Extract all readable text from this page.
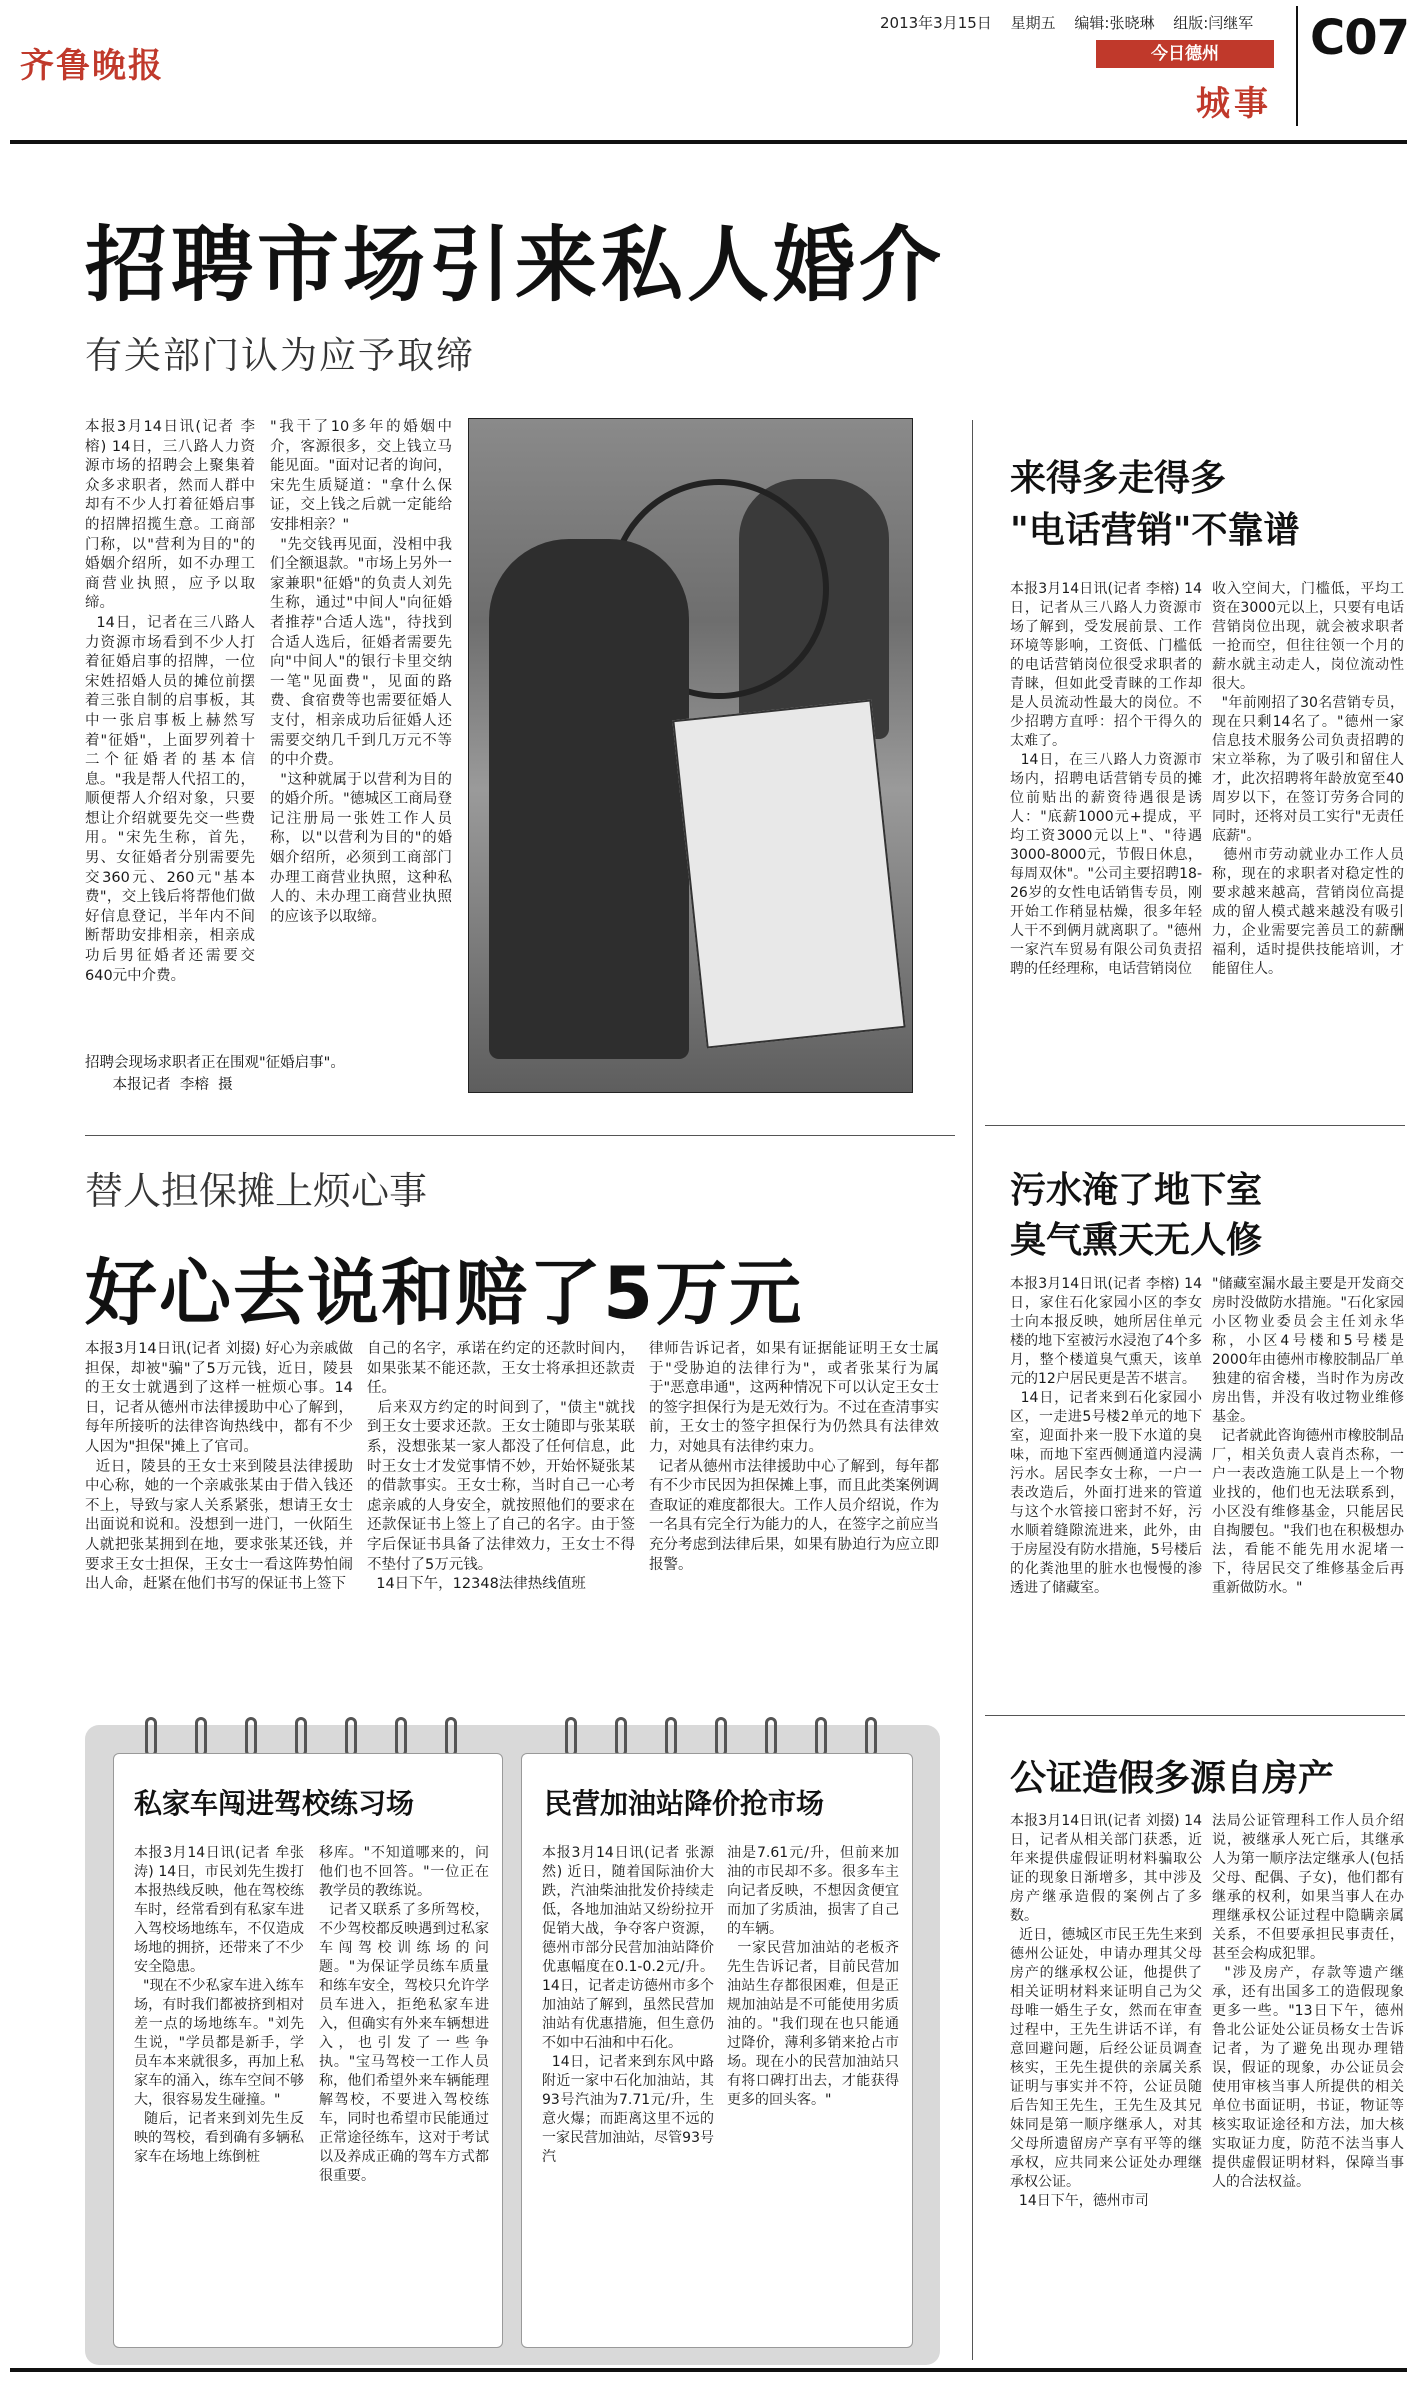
齐鲁晚报
2013年3月15日 星期五 编辑:张晓琳 组版:闫继军
今日德州
城事
C07
招聘市场引来私人婚介
有关部门认为应予取缔
本报3月14日讯(记者 李榕) 14日，三八路人力资源市场的招聘会上聚集着众多求职者，然而人群中却有不少人打着征婚启事的招牌招揽生意。工商部门称，以"营利为目的"的婚姻介绍所，如不办理工商营业执照，应予以取缔。
14日，记者在三八路人力资源市场看到不少人打着征婚启事的招牌，一位宋姓招婚人员的摊位前摆着三张自制的启事板，其中一张启事板上赫然写着"征婚"，上面罗列着十二个征婚者的基本信息。"我是帮人代招工的，顺便帮人介绍对象，只要想让介绍就要先交一些费用。"宋先生称，首先，男、女征婚者分别需要先交360元、260元"基本费"，交上钱后将帮他们做好信息登记，半年内不间断帮助安排相亲，相亲成功后男征婚者还需要交640元中介费。
"我干了10多年的婚姻中介，客源很多，交上钱立马能见面。"面对记者的询问，宋先生质疑道："拿什么保证，交上钱之后就一定能给安排相亲？"
"先交钱再见面，没相中我们全额退款。"市场上另外一家兼职"征婚"的负责人刘先生称，通过"中间人"向征婚者推荐"合适人选"，待找到合适人选后，征婚者需要先向"中间人"的银行卡里交纳一笔"见面费"，见面的路费、食宿费等也需要征婚人支付，相亲成功后征婚人还需要交纳几千到几万元不等的中介费。
"这种就属于以营利为目的的婚介所。"德城区工商局登记注册局一张姓工作人员称，以"以营利为目的"的婚姻介绍所，必须到工商部门办理工商营业执照，这种私人的、未办理工商营业执照的应该予以取缔。
招聘会现场求职者正在围观"征婚启事"。
本报记者  李榕  摄
来得多走得多
"电话营销"不靠谱
本报3月14日讯(记者 李榕) 14日，记者从三八路人力资源市场了解到，受发展前景、工作环境等影响，工资低、门槛低的电话营销岗位很受求职者的青睐，但如此受青睐的工作却是人员流动性最大的岗位。不少招聘方直呼：招个干得久的太难了。
14日，在三八路人力资源市场内，招聘电话营销专员的摊位前贴出的薪资待遇很是诱人："底薪1000元+提成，平均工资3000元以上"、"待遇3000-8000元，节假日休息，每周双休"。"公司主要招聘18-26岁的女性电话销售专员，刚开始工作稍显枯燥，很多年轻人干不到俩月就离职了。"德州一家汽车贸易有限公司负责招聘的任经理称，电话营销岗位
收入空间大，门槛低，平均工资在3000元以上，只要有电话营销岗位出现，就会被求职者一抢而空，但往往领一个月的薪水就主动走人，岗位流动性很大。
"年前刚招了30名营销专员，现在只剩14名了。"德州一家信息技术服务公司负责招聘的宋立举称，为了吸引和留住人才，此次招聘将年龄放宽至40周岁以下，在签订劳务合同的同时，还将对员工实行"无责任底薪"。
德州市劳动就业办工作人员称，现在的求职者对稳定性的要求越来越高，营销岗位高提成的留人模式越来越没有吸引力，企业需要完善员工的薪酬福利，适时提供技能培训，才能留住人。
污水淹了地下室
臭气熏天无人修
本报3月14日讯(记者 李榕) 14日，家住石化家园小区的李女士向本报反映，她所居住单元楼的地下室被污水浸泡了4个多月，整个楼道臭气熏天，该单元的12户居民更是苦不堪言。
14日，记者来到石化家园小区，一走进5号楼2单元的地下室，迎面扑来一股下水道的臭味，而地下室西侧通道内浸满污水。居民李女士称，一户一表改造后，外面打进来的管道与这个水管接口密封不好，污水顺着缝隙流进来，此外，由于房屋没有防水措施，5号楼后的化粪池里的脏水也慢慢的渗透进了储藏室。
"储藏室漏水最主要是开发商交房时没做防水措施。"石化家园小区物业委员会主任刘永华称，小区4号楼和5号楼是2000年由德州市橡胶制品厂单独建的宿舍楼，当时作为房改房出售，并没有收过物业维修基金。
记者就此咨询德州市橡胶制品厂，相关负责人袁肖杰称，一户一表改造施工队是上一个物业找的，他们也无法联系到，小区没有维修基金，只能居民自掏腰包。"我们也在积极想办法，看能不能先用水泥堵一下，待居民交了维修基金后再重新做防水。"
公证造假多源自房产
本报3月14日讯(记者 刘掇) 14日，记者从相关部门获悉，近年来提供虚假证明材料骗取公证的现象日渐增多，其中涉及房产继承造假的案例占了多数。
近日，德城区市民王先生来到德州公证处，申请办理其父母房产的继承权公证，他提供了相关证明材料来证明自己为父母唯一婚生子女，然而在审查过程中，王先生讲话不详，有意回避问题，后经公证员调查核实，王先生提供的亲属关系证明与事实并不符，公证员随后告知王先生，王先生及其兄妹同是第一顺序继承人，对其父母所遗留房产享有平等的继承权，应共同来公证处办理继承权公证。
14日下午，德州市司
法局公证管理科工作人员介绍说，被继承人死亡后，其继承人为第一顺序法定继承人(包括父母、配偶、子女)，他们都有继承的权利，如果当事人在办理继承权公证过程中隐瞒亲属关系，不但要承担民事责任，甚至会构成犯罪。
"涉及房产，存款等遗产继承，还有出国多工的造假现象更多一些。"13日下午，德州鲁北公证处公证员杨女士告诉记者，为了避免出现办理错误，假证的现象，办公证员会使用审核当事人所提供的相关单位书面证明，书证，物证等核实取证途径和方法，加大核实取证力度，防范不法当事人提供虚假证明材料，保障当事人的合法权益。
替人担保摊上烦心事
好心去说和赔了5万元
本报3月14日讯(记者 刘掇) 好心为亲戚做担保，却被"骗"了5万元钱，近日，陵县的王女士就遇到了这样一桩烦心事。14日，记者从德州市法律援助中心了解到，每年所接听的法律咨询热线中，都有不少人因为"担保"摊上了官司。
近日，陵县的王女士来到陵县法律援助中心称，她的一个亲戚张某由于借入钱还不上，导致与家人关系紧张，想请王女士出面说和说和。没想到一进门，一伙陌生人就把张某拥到在地，要求张某还钱，并要求王女士担保，王女士一看这阵势怕闹出人命，赶紧在他们书写的保证书上签下
自己的名字，承诺在约定的还款时间内，如果张某不能还款，王女士将承担还款责任。
后来双方约定的时间到了，"债主"就找到王女士要求还款。王女士随即与张某联系，没想张某一家人都没了任何信息，此时王女士才发觉事情不妙，开始怀疑张某的借款事实。王女士称，当时自己一心考虑亲戚的人身安全，就按照他们的要求在还款保证书上签上了自己的名字。由于签字后保证书具备了法律效力，王女士不得不垫付了5万元钱。
14日下午，12348法律热线值班
律师告诉记者，如果有证据能证明王女士属于"受胁迫的法律行为"，或者张某行为属于"恶意串通"，这两种情况下可以认定王女士的签字担保行为是无效行为。不过在查清事实前，王女士的签字担保行为仍然具有法律效力，对她具有法律约束力。
记者从德州市法律援助中心了解到，每年都有不少市民因为担保摊上事，而且此类案例调查取证的难度都很大。工作人员介绍说，作为一名具有完全行为能力的人，在签字之前应当充分考虑到法律后果，如果有胁迫行为应立即报警。
私家车闯进驾校练习场
本报3月14日讯(记者 牟张涛) 14日，市民刘先生拨打本报热线反映，他在驾校练车时，经常看到有私家车进入驾校场地练车，不仅造成场地的拥挤，还带来了不少安全隐患。
"现在不少私家车进入练车场，有时我们都被挤到相对差一点的场地练车。"刘先生说，"学员都是新手，学员车本来就很多，再加上私家车的涌入，练车空间不够大，很容易发生碰撞。"
随后，记者来到刘先生反映的驾校，看到确有多辆私家车在场地上练倒桩
移库。"不知道哪来的，问他们也不回答。"一位正在教学员的教练说。
记者又联系了多所驾校，不少驾校都反映遇到过私家车闯驾校训练场的问题。"为保证学员练车质量和练车安全，驾校只允许学员车进入，拒绝私家车进入，但确实有外来车辆想进入，也引发了一些争执。"宝马驾校一工作人员称，他们希望外来车辆能理解驾校，不要进入驾校练车，同时也希望市民能通过正常途径练车，这对于考试以及养成正确的驾车方式都很重要。
民营加油站降价抢市场
本报3月14日讯(记者 张源然) 近日，随着国际油价大跌，汽油柴油批发价持续走低，各地加油站又纷纷拉开促销大战，争夺客户资源，德州市部分民营加油站降价优惠幅度在0.1-0.2元/升。14日，记者走访德州市多个加油站了解到，虽然民营加油站有优惠措施，但生意仍不如中石油和中石化。
14日，记者来到东风中路附近一家中石化加油站，其93号汽油为7.71元/升，生意火爆；而距离这里不远的一家民营加油站，尽管93号汽
油是7.61元/升，但前来加油的市民却不多。很多车主向记者反映，不想因贪便宜而加了劣质油，损害了自己的车辆。
一家民营加油站的老板齐先生告诉记者，目前民营加油站生存都很困难，但是正规加油站是不可能使用劣质油的。"我们现在也只能通过降价，薄利多销来抢占市场。现在小的民营加油站只有将口碑打出去，才能获得更多的回头客。"
